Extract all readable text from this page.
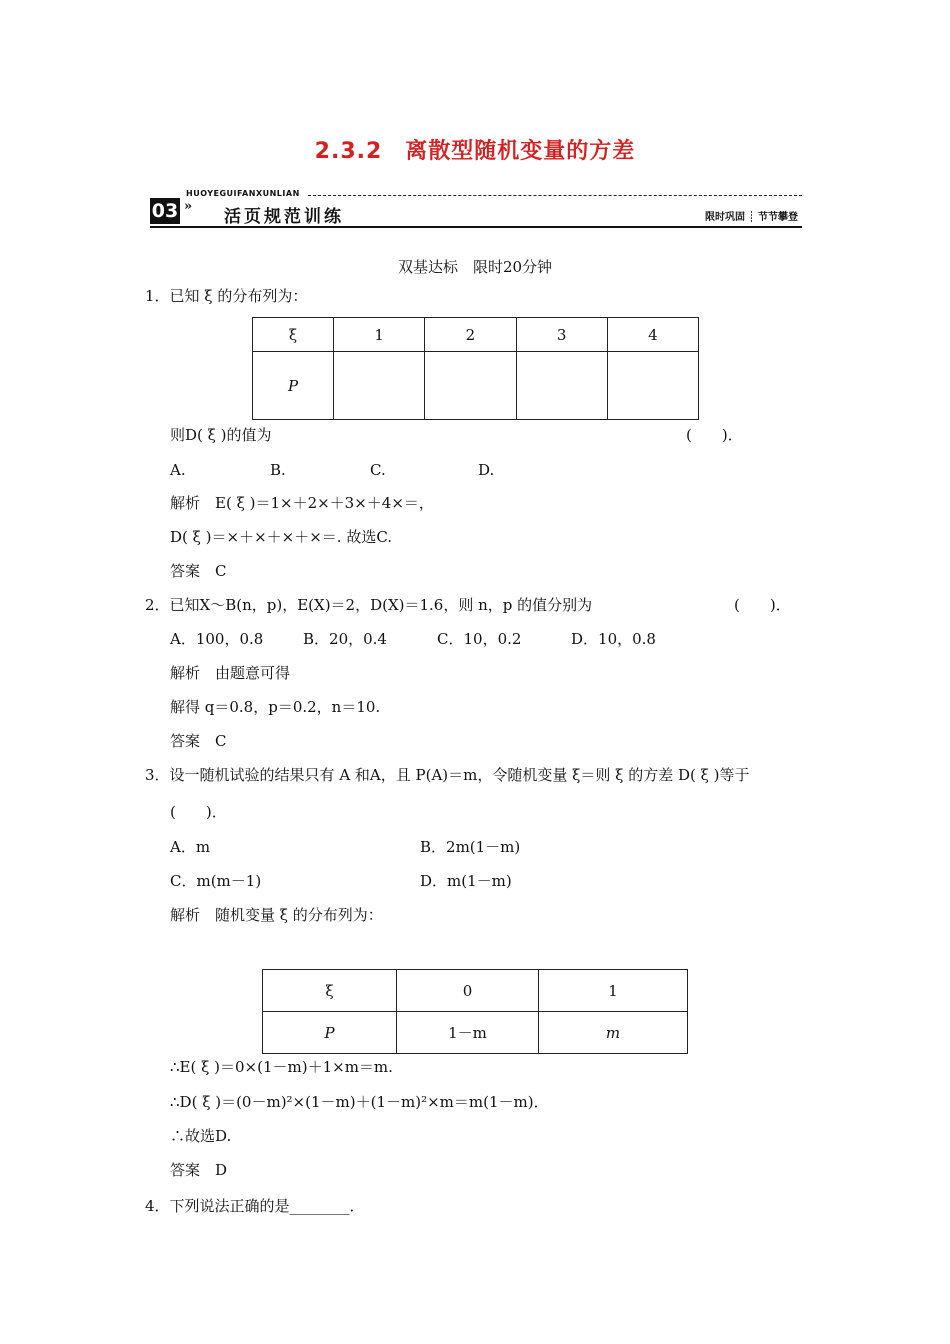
2.3.2　离散型随机变量的方差
HUOYEGUIFANXUNLIAN
03 »
活页规范训练	限时巩固 ┊ 节节攀登
双基达标　限时20分钟
1．已知 ξ 的分布列为：
ξ	1	2	3	4
P				
则D( ξ )的值为	(　　)．
A.	B.	C.	D.
解析　E( ξ )＝1×＋2×＋3×＋4×＝，
D( ξ )＝×＋×＋×＋×＝. 故选C.
答案　C
2．已知X～B(n，p)，E(X)＝2，D(X)＝1.6，则 n，p 的值分别为	(　　)．
A．100，0.8	B．20，0.4	C．10，0.2	D．10，0.8
解析　由题意可得
解得 q＝0.8，p＝0.2，n＝10.
答案　C
3．设一随机试验的结果只有 A 和A，且 P(A)＝m，令随机变量 ξ＝则 ξ 的方差 D( ξ )等于
(　　)．
A．m	B．2m(1－m)
C．m(m－1)	D．m(1－m)
解析　随机变量 ξ 的分布列为：
ξ	0	1
P	1－m	m
∴E( ξ )＝0×(1－m)＋1×m＝m.
∴D( ξ )＝(0－m)²×(1－m)＋(1－m)²×m＝m(1－m)．
∴故选D.
答案　D
4．下列说法正确的是________．
